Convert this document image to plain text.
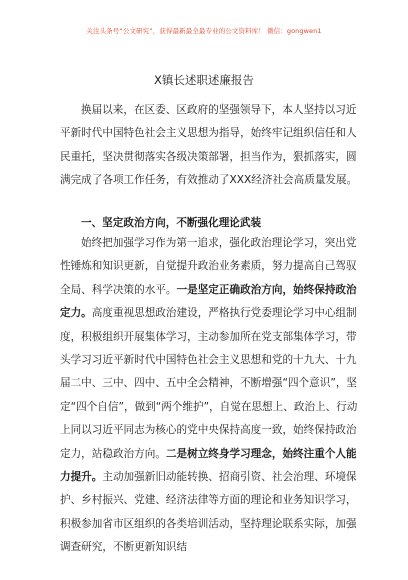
关注头条号“公文研究”，获得最新最全最专业的公文资料库！ 微信：gongwen1
X镇长述职述廉报告
换届以来，在区委、区政府的坚强领导下，本人坚持以习近平新时代中国特色社会主义思想为指导，始终牢记组织信任和人民重托，坚决贯彻落实各级决策部署，担当作为，狠抓落实，圆满完成了各项工作任务，有效推动了XXX经济社会高质量发展。
一、坚定政治方向，不断强化理论武装
始终把加强学习作为第一追求，强化政治理论学习，突出党性锤炼和知识更新，自觉提升政治业务素质，努力提高自己驾驭全局、科学决策的水平。一是坚定正确政治方向，始终保持政治定力。高度重视思想政治建设，严格执行党委理论学习中心组制度，积极组织开展集体学习，主动参加所在党支部集体学习，带头学习习近平新时代中国特色社会主义思想和党的十九大、十九届二中、三中、四中、五中全会精神，不断增强“四个意识”，坚定“四个自信”，做到“两个维护”，自觉在思想上、政治上、行动上同以习近平同志为核心的党中央保持高度一致，始终保持政治定力，站稳政治方向。二是树立终身学习理念，始终注重个人能力提升。主动加强新旧动能转换、招商引资、社会治理、环境保护、乡村振兴、党建、经济法律等方面的理论和业务知识学习，积极参加省市区组织的各类培训活动，坚持理论联系实际，加强调查研究，不断更新知识结
